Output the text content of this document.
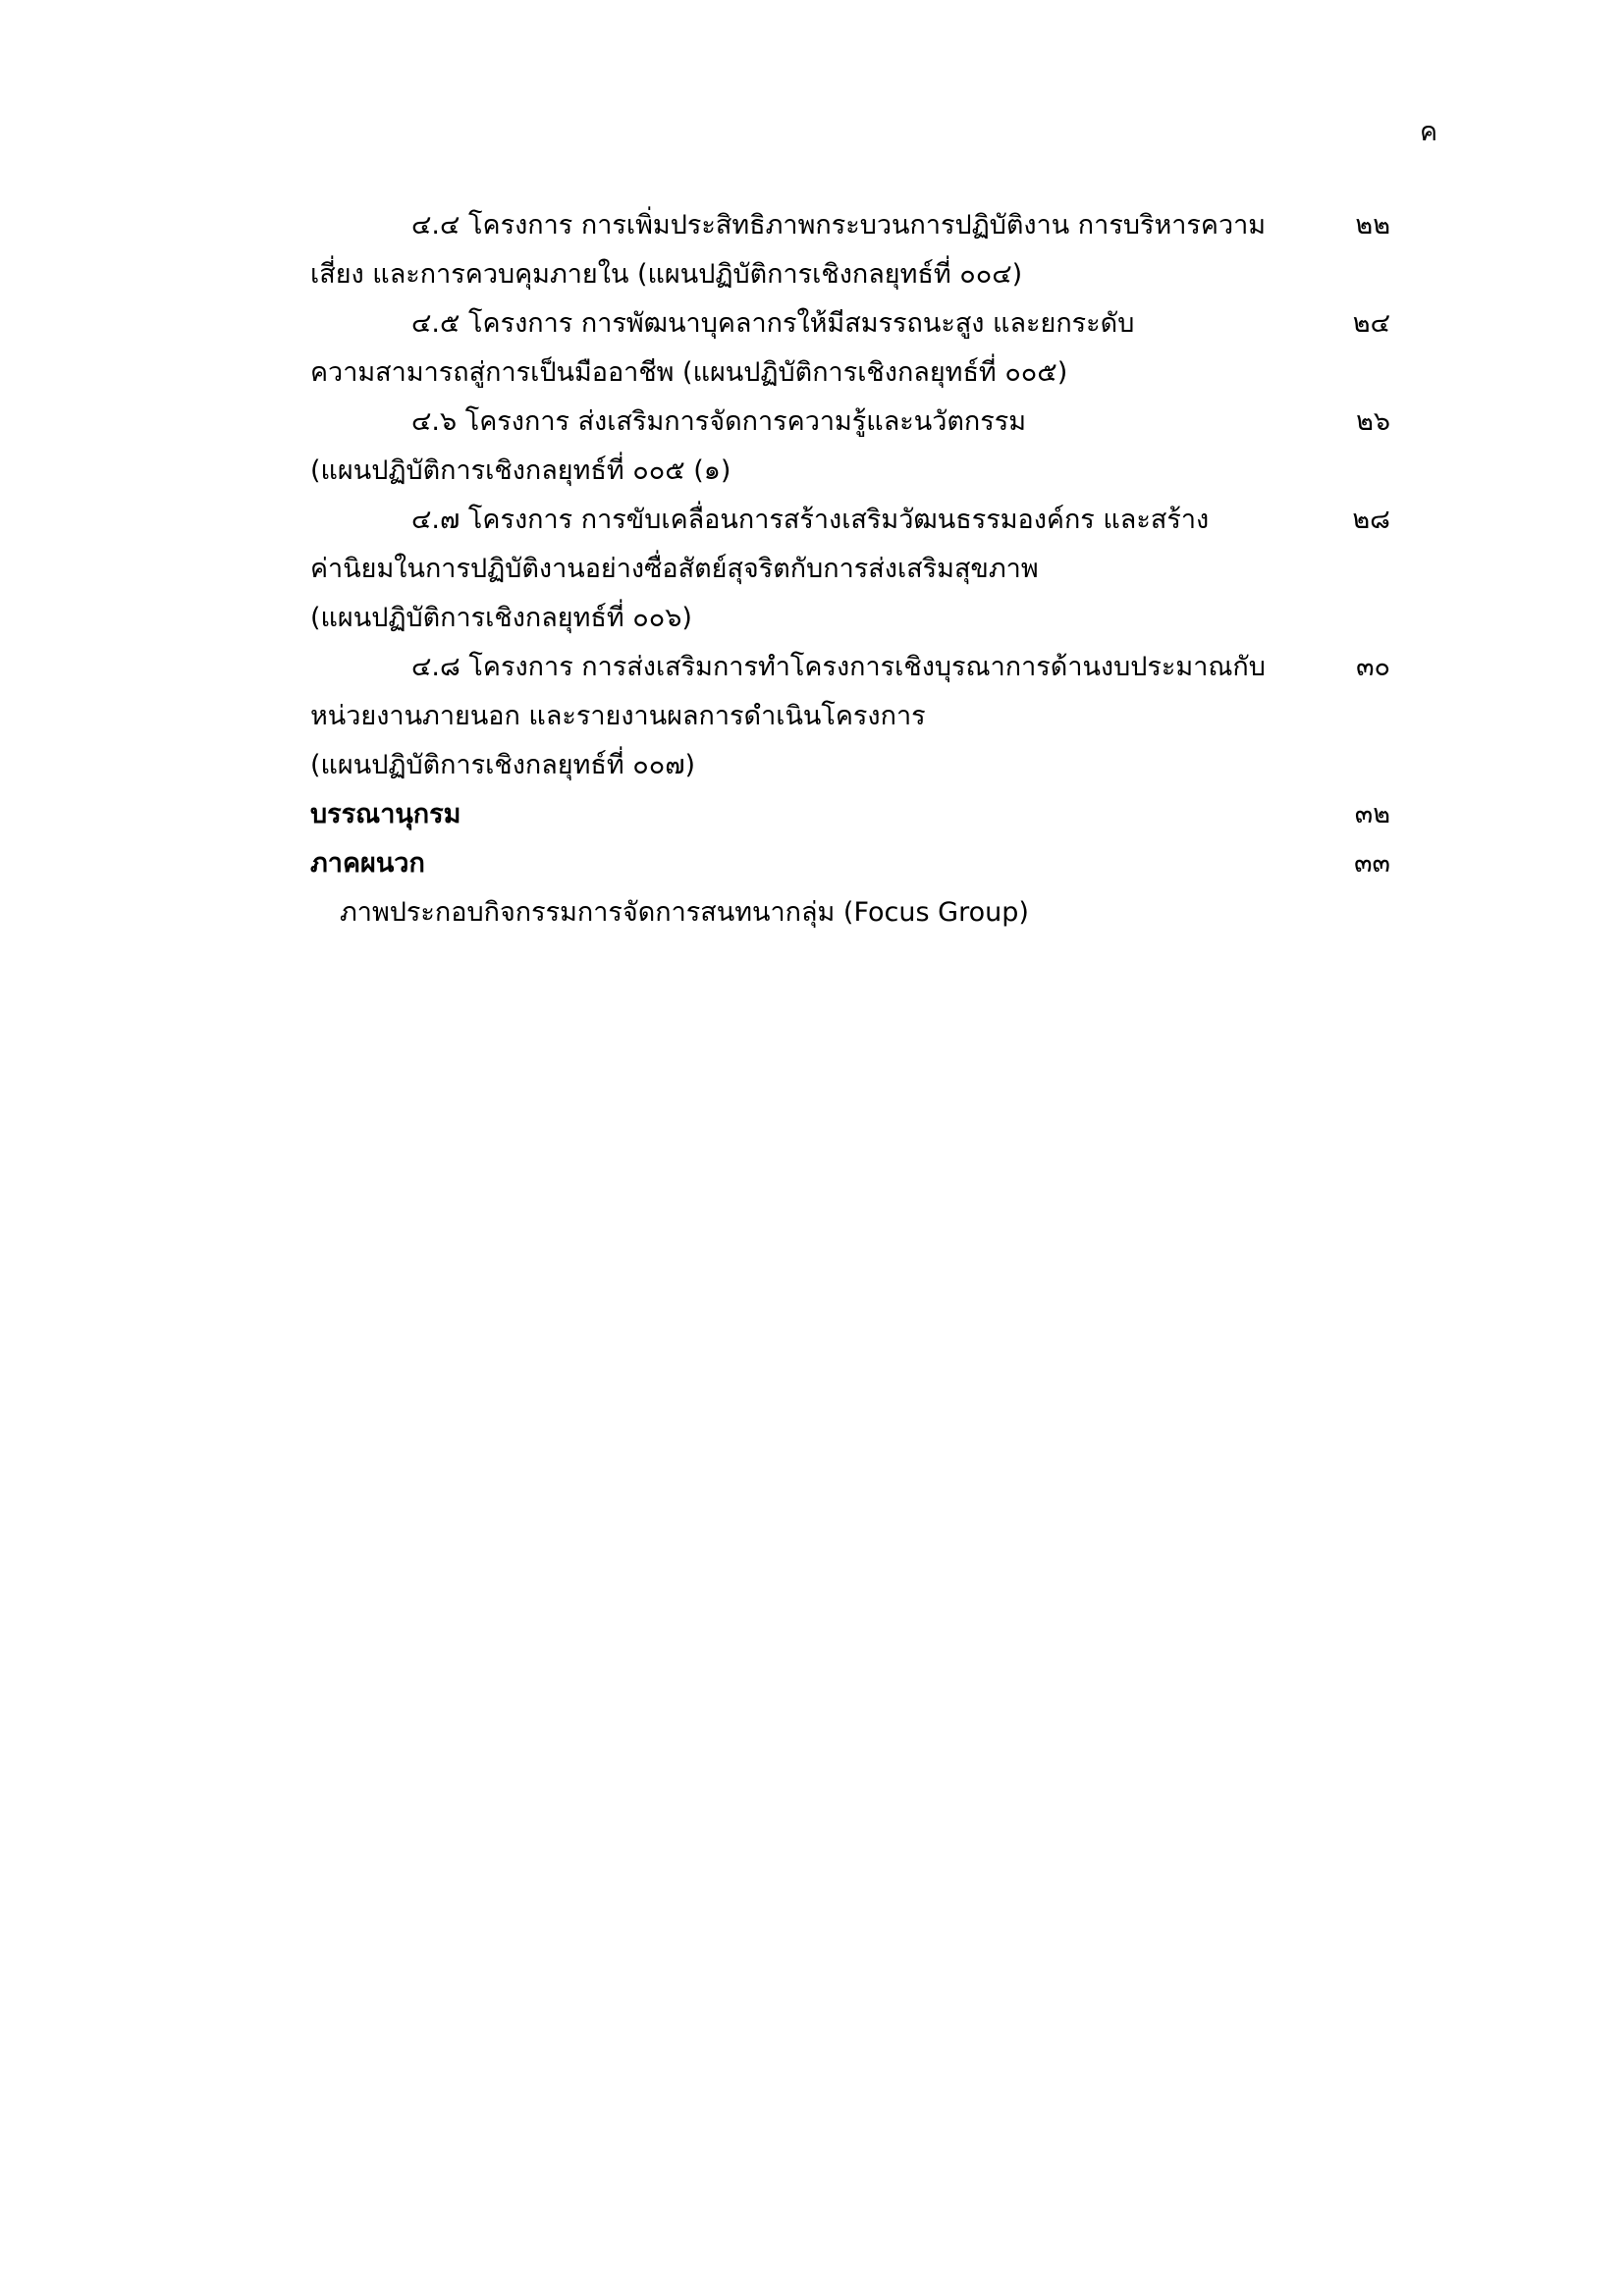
ค
๔.๔ โครงการ การเพิ่มประสิทธิภาพกระบวนการปฏิบัติงาน การบริหารความ	๒๒
เสี่ยง และการควบคุมภายใน (แผนปฏิบัติการเชิงกลยุทธ์ที่ ๐๐๔)
๔.๕ โครงการ การพัฒนาบุคลากรให้มีสมรรถนะสูง และยกระดับ	๒๔
ความสามารถสู่การเป็นมืออาชีพ (แผนปฏิบัติการเชิงกลยุทธ์ที่ ๐๐๕)
๔.๖ โครงการ ส่งเสริมการจัดการความรู้และนวัตกรรม	๒๖
(แผนปฏิบัติการเชิงกลยุทธ์ที่ ๐๐๕ (๑)
๔.๗ โครงการ การขับเคลื่อนการสร้างเสริมวัฒนธรรมองค์กร และสร้าง	๒๘
ค่านิยมในการปฏิบัติงานอย่างซื่อสัตย์สุจริตกับการส่งเสริมสุขภาพ
(แผนปฏิบัติการเชิงกลยุทธ์ที่ ๐๐๖)
๔.๘ โครงการ การส่งเสริมการทำโครงการเชิงบุรณาการด้านงบประมาณกับ	๓๐
หน่วยงานภายนอก และรายงานผลการดำเนินโครงการ
(แผนปฏิบัติการเชิงกลยุทธ์ที่ ๐๐๗)
บรรณานุกรม	๓๒
ภาคผนวก	๓๓
ภาพประกอบกิจกรรมการจัดการสนทนากลุ่ม (Focus Group)
